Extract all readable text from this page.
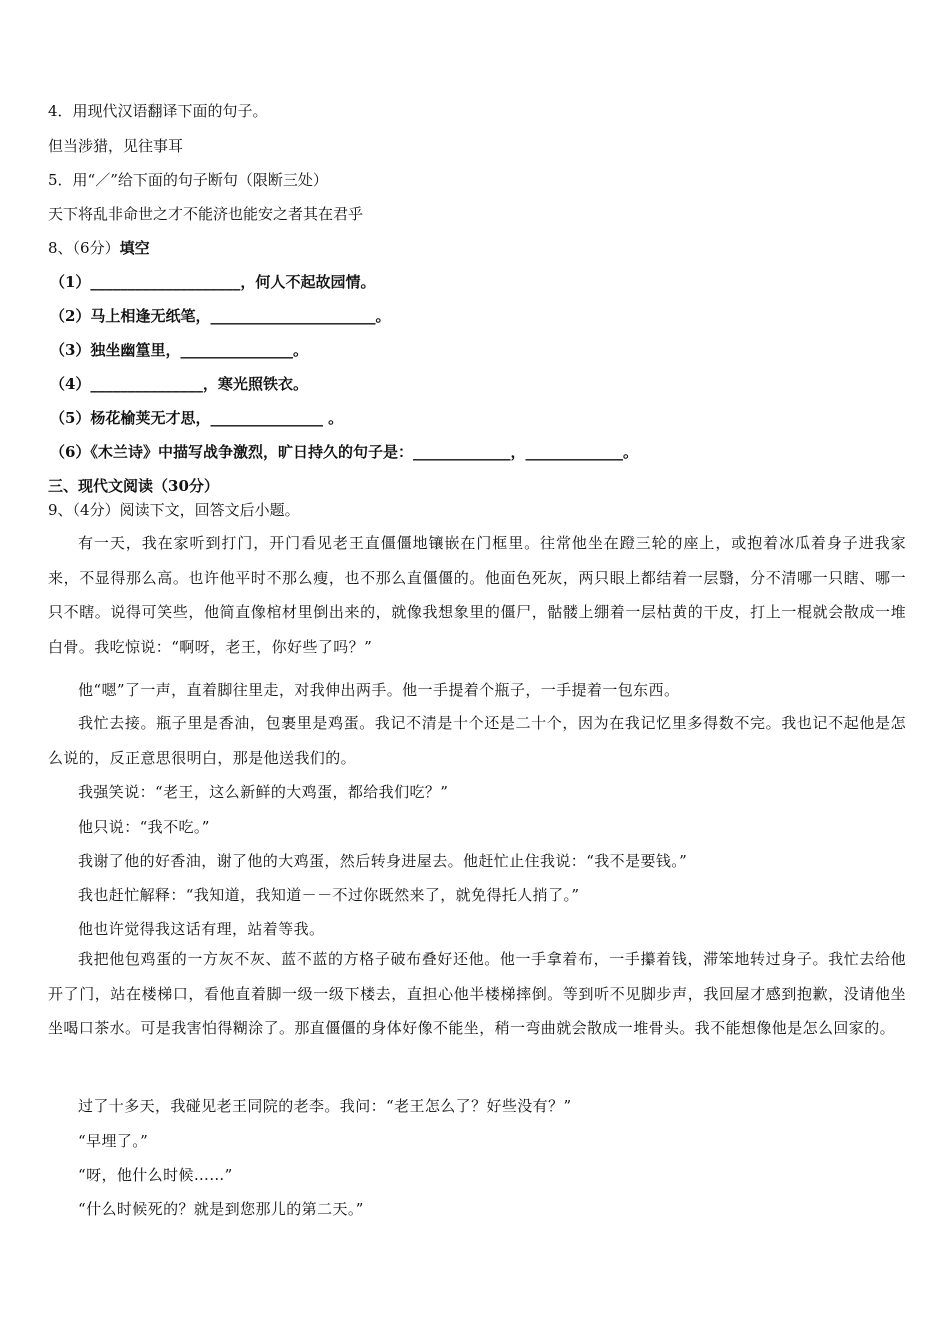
4．用现代汉语翻译下面的句子。
但当涉猎，见往事耳
5．用“／”给下面的句子断句（限断三处）
天下将乱非命世之才不能济也能安之者其在君乎
8、（6分）填空
（1）____________________，何人不起故园情。
（2）马上相逢无纸笔，______________________。
（3）独坐幽篁里，_______________。
（4）_______________，寒光照铁衣。
（5）杨花榆荚无才思，_______________ 。
（6）《木兰诗》中描写战争激烈，旷日持久的句子是：_____________，_____________。
三、现代文阅读（30分）
9、（4分）阅读下文，回答文后小题。
有一天，我在家听到打门，开门看见老王直僵僵地镶嵌在门框里。往常他坐在蹬三轮的座上，或抱着冰瓜着身子进我家来，不显得那么高。也许他平时不那么瘦，也不那么直僵僵的。他面色死灰，两只眼上都结着一层翳，分不清哪一只瞎、哪一只不瞎。说得可笑些，他简直像棺材里倒出来的，就像我想象里的僵尸，骷髅上绷着一层枯黄的干皮，打上一棍就会散成一堆白骨。我吃惊说：“啊呀，老王，你好些了吗？”
他“嗯”了一声，直着脚往里走，对我伸出两手。他一手提着个瓶子，一手提着一包东西。
我忙去接。瓶子里是香油，包裹里是鸡蛋。我记不清是十个还是二十个，因为在我记忆里多得数不完。我也记不起他是怎么说的，反正意思很明白，那是他送我们的。
我强笑说：“老王，这么新鲜的大鸡蛋，都给我们吃？”
他只说：“我不吃。”
我谢了他的好香油，谢了他的大鸡蛋，然后转身进屋去。他赶忙止住我说：“我不是要钱。”
我也赶忙解释：“我知道，我知道－－不过你既然来了，就免得托人捎了。”
他也许觉得我这话有理，站着等我。
我把他包鸡蛋的一方灰不灰、蓝不蓝的方格子破布叠好还他。他一手拿着布，一手攥着钱，滞笨地转过身子。我忙去给他开了门，站在楼梯口，看他直着脚一级一级下楼去，直担心他半楼梯摔倒。等到听不见脚步声，我回屋才感到抱歉，没请他坐坐喝口茶水。可是我害怕得糊涂了。那直僵僵的身体好像不能坐，稍一弯曲就会散成一堆骨头。我不能想像他是怎么回家的。
过了十多天，我碰见老王同院的老李。我问：“老王怎么了？好些没有？”
“早埋了。”
“呀，他什么时候……”
“什么时候死的？就是到您那儿的第二天。”
